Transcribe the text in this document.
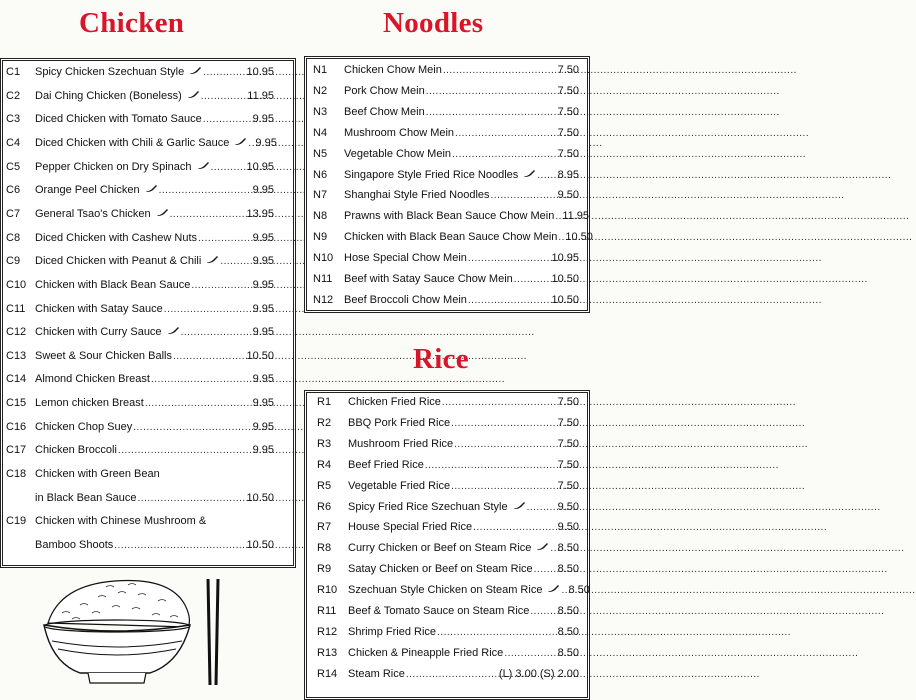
Chicken
C1	Spicy Chicken Szechuan Style .....	10.95
C2	Dai Ching Chicken (Boneless) .....	11.95
C3	Diced Chicken with Tomato Sauce .....	9.95
C4	Diced Chicken with Chili & Garlic Sauce ..... 9.95
C5	Pepper Chicken on Dry Spinach .....	10.95
C6	Orange Peel Chicken .....	9.95
C7	General Tsao's Chicken .....	13.95
C8	Diced Chicken with Cashew Nuts .....	9.95
C9	Diced Chicken with Peanut & Chili .....	9.95
C10 Chicken with Black Bean Sauce .....	9.95
C11 Chicken with Satay Sauce .....	9.95
C12 Chicken with Curry Sauce .....	9.95
C13 Sweet & Sour Chicken Balls .....	10.50
C14 Almond Chicken Breast .....	9.95
C15 Lemon chicken Breast .....	9.95
C16 Chicken Chop Suey .....	9.95
C17 Chicken Broccoli .....	9.95
C18 Chicken with Green Bean
in Black Bean Sauce .....	10.50
C19 Chicken with Chinese Mushroom &
Bamboo Shoots .....	10.50
Noodles
N1	Chicken Chow Mein .....	7.50
N2	Pork Chow Mein .....	7.50
N3	Beef Chow Mein .....	7.50
N4	Mushroom Chow Mein .....	7.50
N5	Vegetable Chow Mein .....	7.50
N6	Singapore Style Fried Rice Noodles .....	8.95
N7	Shanghai Style Fried Noodles .....	9.50
N8	Prawns with Black Bean Sauce Chow Mein ..... 11.95
N9	Chicken with Black Bean Sauce Chow Mein ..... 10.50
N10 Hose Special Chow Mein .....	10.95
N11	Beef with Satay Sauce Chow Mein .....	10.50
N12 Beef Broccoli Chow Mein .....	10.50
Rice
R1	Chicken Fried Rice .....	7.50
R2	BBQ Pork Fried Rice .....	7.50
R3	Mushroom Fried Rice .....	7.50
R4	Beef Fried Rice .....	7.50
R5	Vegetable Fried Rice .....	7.50
R6	Spicy Fried Rice Szechuan Style .....	9.50
R7	House Special Fried Rice .....	9.50
R8	Curry Chicken or Beef on Steam Rice ..... 8.50
R9	Satay Chicken or Beef on Steam Rice ..... 8.50
R10 Szechuan Style Chicken on Steam Rice ..... 8.50
R11	Beef & Tomato Sauce on Steam Rice .....	8.50
R12 Shrimp Fried Rice .....	8.50
R13 Chicken & Pineapple Fried Rice .....	8.50
R14 Steam Rice .....	(L) 3.00 (S) 2.00
